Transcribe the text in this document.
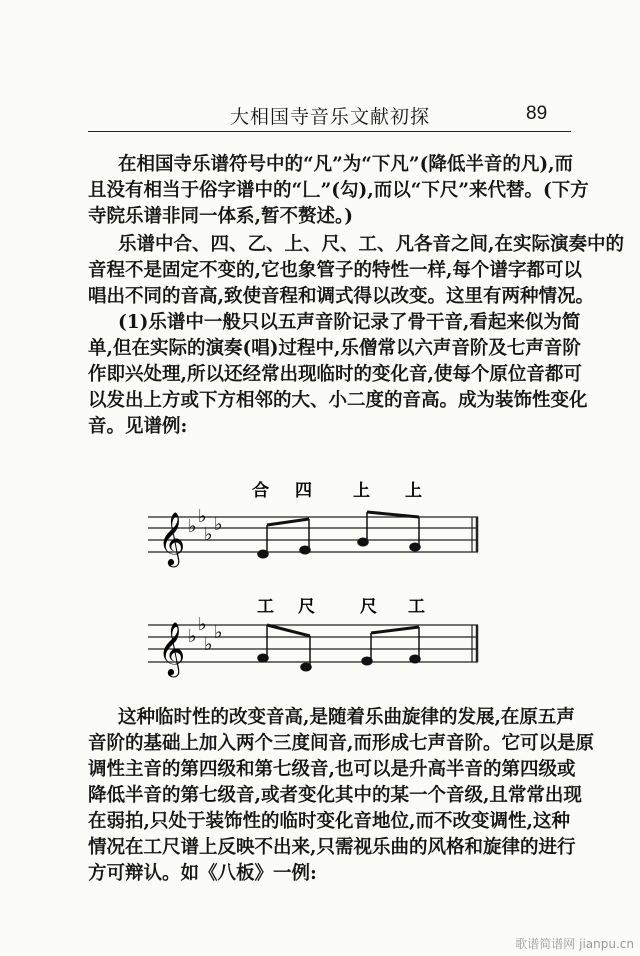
大相国寺音乐文献初探	89
在相国寺乐谱符号中的“凡”为“下凡”(降低半音的凡),而
且没有相当于俗字谱中的“𠃊”(勾),而以“下尺”来代替。(下方
寺院乐谱非同一体系,暂不赘述。)
乐谱中合、四、乙、上、尺、工、凡各音之间,在实际演奏中的
音程不是固定不变的,它也象管子的特性一样,每个谱字都可以
唱出不同的音高,致使音程和调式得以改变。这里有两种情况。
(1)乐谱中一般只以五声音阶记录了骨干音,看起来似为简
单,但在实际的演奏(唱)过程中,乐僧常以六声音阶及七声音阶
作即兴处理,所以还经常出现临时的变化音,使每个原位音都可
以发出上方或下方相邻的大、小二度的音高。成为装饰性变化
音。见谱例:
𝄞 ♭ ♭
♭ ♭
合 四 上 上
𝄞 ♭
♭
♭
♭
工 尺	尺 工
这种临时性的改变音高,是随着乐曲旋律的发展,在原五声
音阶的基础上加入两个三度间音,而形成七声音阶。它可以是原
调性主音的第四级和第七级音,也可以是升高半音的第四级或
降低半音的第七级音,或者变化其中的某一个音级,且常常出现
在弱拍,只处于装饰性的临时变化音地位,而不改变调性,这种
情况在工尺谱上反映不出来,只需视乐曲的风格和旋律的进行
方可辩认。如《八板》一例:
歌谱简谱网 jianpu.cn
